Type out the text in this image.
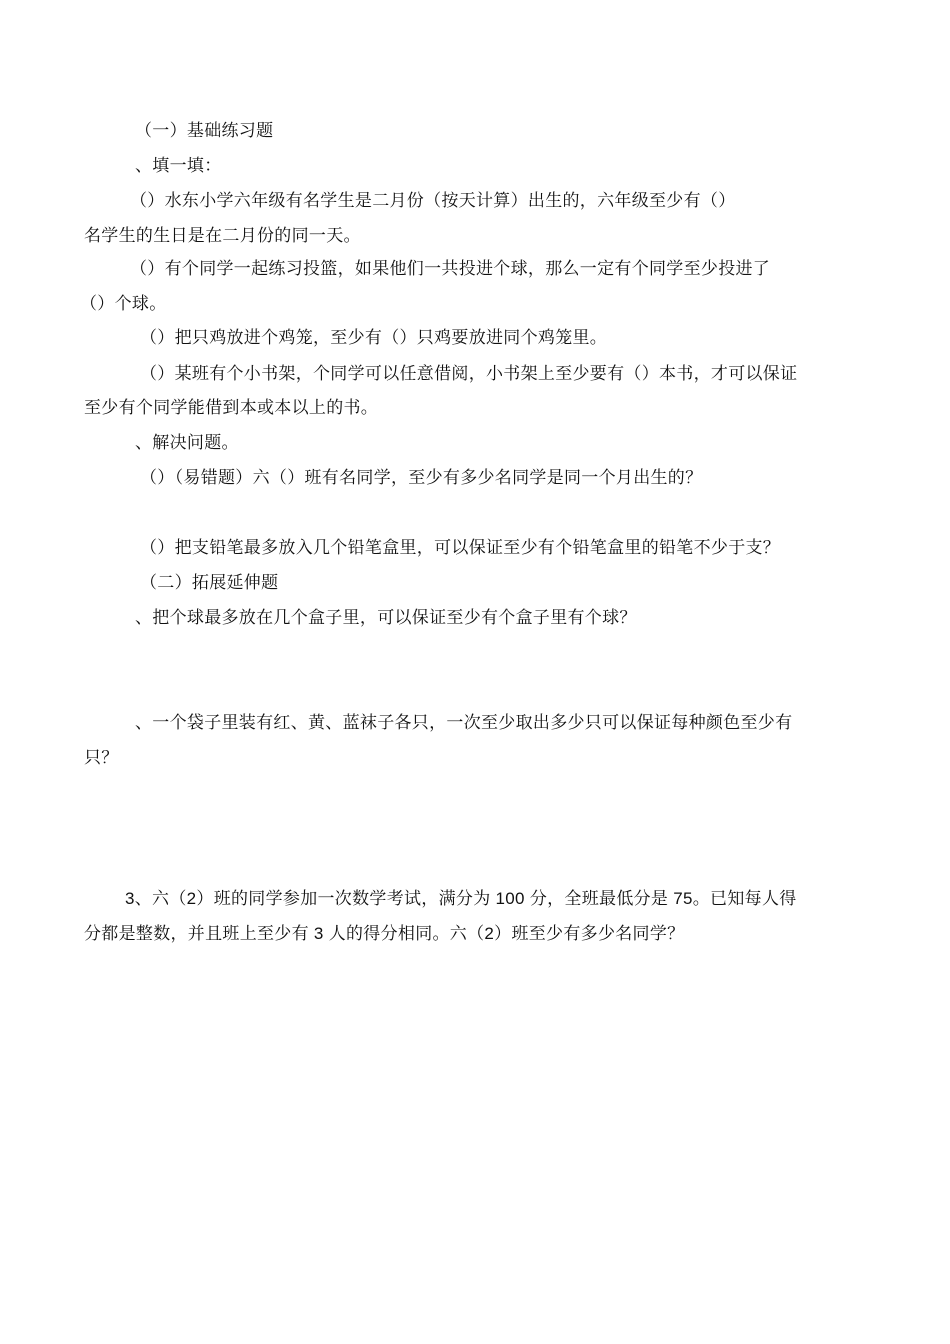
（一）基础练习题

、填一填：

（）水东小学六年级有名学生是二月份（按天计算）出生的，六年级至少有（）

名学生的生日是在二月份的同一天。

（）有个同学一起练习投篮，如果他们一共投进个球，那么一定有个同学至少投进了

（）个球。

（）把只鸡放进个鸡笼，至少有（）只鸡要放进同个鸡笼里。

（）某班有个小书架，个同学可以任意借阅，小书架上至少要有（）本书，才可以保证

至少有个同学能借到本或本以上的书。

、解决问题。

（）（易错题）六（）班有名同学，至少有多少名同学是同一个月出生的？

（）把支铅笔最多放入几个铅笔盒里，可以保证至少有个铅笔盒里的铅笔不少于支？

（二）拓展延伸题

、把个球最多放在几个盒子里，可以保证至少有个盒子里有个球？

、一个袋子里装有红、黄、蓝袜子各只，一次至少取出多少只可以保证每种颜色至少有

只？

3、六（2）班的同学参加一次数学考试，满分为 100 分，全班最低分是 75。已知每人得

分都是整数，并且班上至少有 3 人的得分相同。六（2）班至少有多少名同学？
